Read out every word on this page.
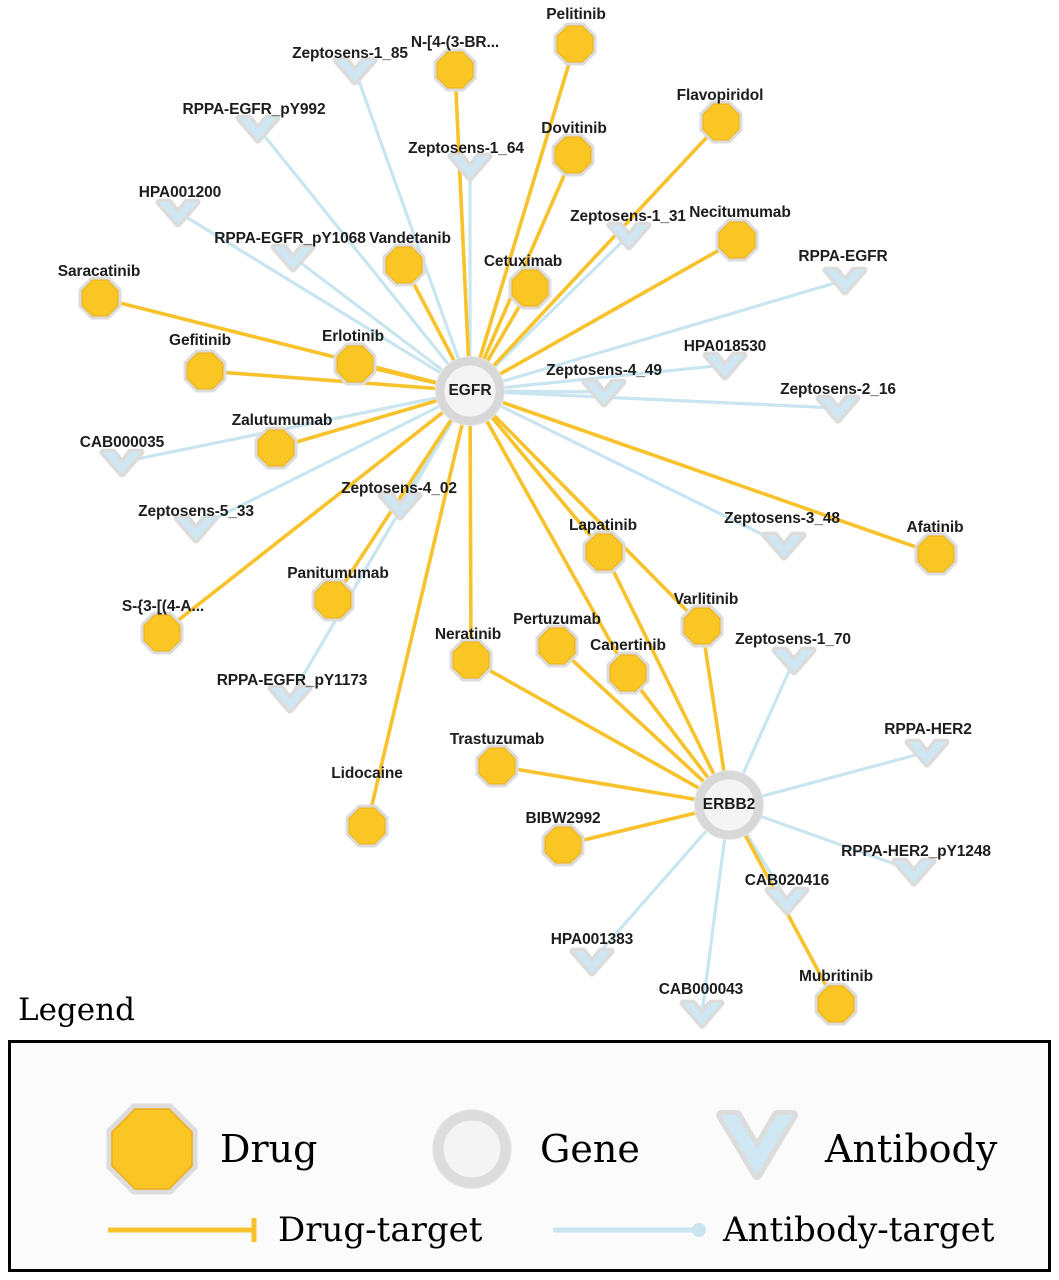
Zeptosens-1_85
RPPA-EGFR_pY992
Zeptosens-1_64
HPA001200
Zeptosens-1_31
RPPA-EGFR_pY1068
RPPA-EGFR
HPA018530
Zeptosens-4_49
Zeptosens-2_16
CAB000035
Zeptosens-4_02
Zeptosens-5_33	Zeptosens-3_48
RPPA-EGFR_pY1173
Zeptosens-1_70
RPPA-HER2
RPPA-HER2_pY1248
CAB020416
HPA001383
CAB000043
Pelitinib
N-[4-(3-BR...
Dovitinib
Flavopiridol
Necitumumab
Vandetanib
Cetuximab
Saracatinib
Gefitinib	Erlotinib
Zalutumumab
Panitumumab
S-{3-[(4-A...
Lidocaine
Afatinib
Lapatinib
Varlitinib
Pertuzumab
Neratinib
Canertinib
Trastuzumab
BIBW2992
Mubritinib
EGFR
ERBB2
Legend
Drug	Gene	Antibody
Drug-target	Antibody-target
